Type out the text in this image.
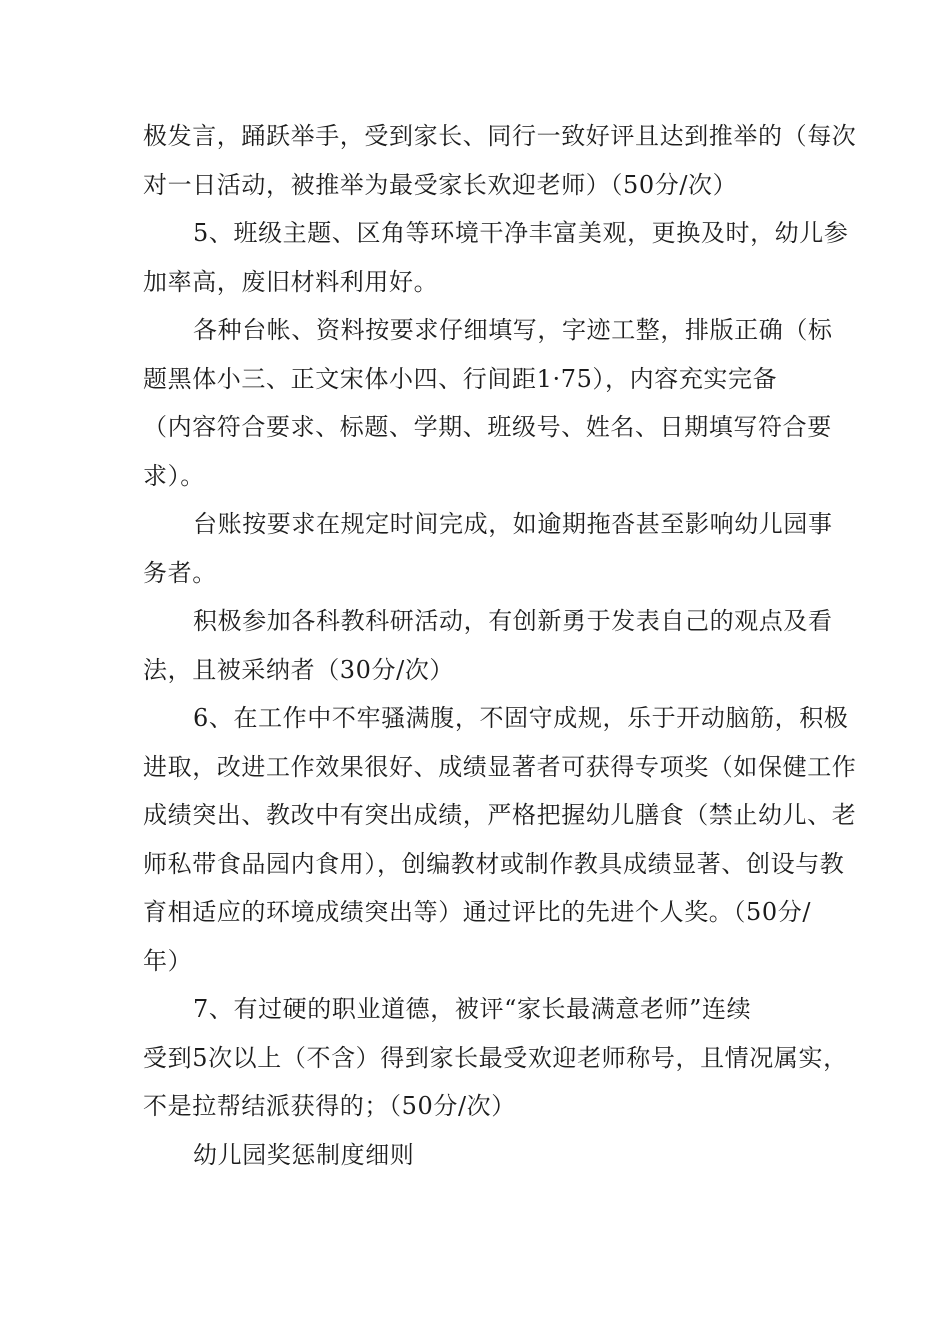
极发言，踊跃举手，受到家长、同行一致好评且达到推举的（每次
对一日活动，被推举为最受家长欢迎老师）（50分/次）
5、班级主题、区角等环境干净丰富美观，更换及时，幼儿参
加率高，废旧材料利用好。
各种台帐、资料按要求仔细填写，字迹工整，排版正确（标
题黑体小三、正文宋体小四、行间距1·75），内容充实完备
（内容符合要求、标题、学期、班级号、姓名、日期填写符合要
求）。
台账按要求在规定时间完成，如逾期拖沓甚至影响幼儿园事
务者。
积极参加各科教科研活动，有创新勇于发表自己的观点及看
法，且被采纳者（30分/次）
6、在工作中不牢骚满腹，不固守成规，乐于开动脑筋，积极
进取，改进工作效果很好、成绩显著者可获得专项奖（如保健工作
成绩突出、教改中有突出成绩，严格把握幼儿膳食（禁止幼儿、老
师私带食品园内食用），创编教材或制作教具成绩显著、创设与教
育相适应的环境成绩突出等）通过评比的先进个人奖。（50分/
年）
7、有过硬的职业道德，被评“家长最满意老师”连续
受到5次以上（不含）得到家长最受欢迎老师称号，且情况属实，
不是拉帮结派获得的；（50分/次）
幼儿园奖惩制度细则
